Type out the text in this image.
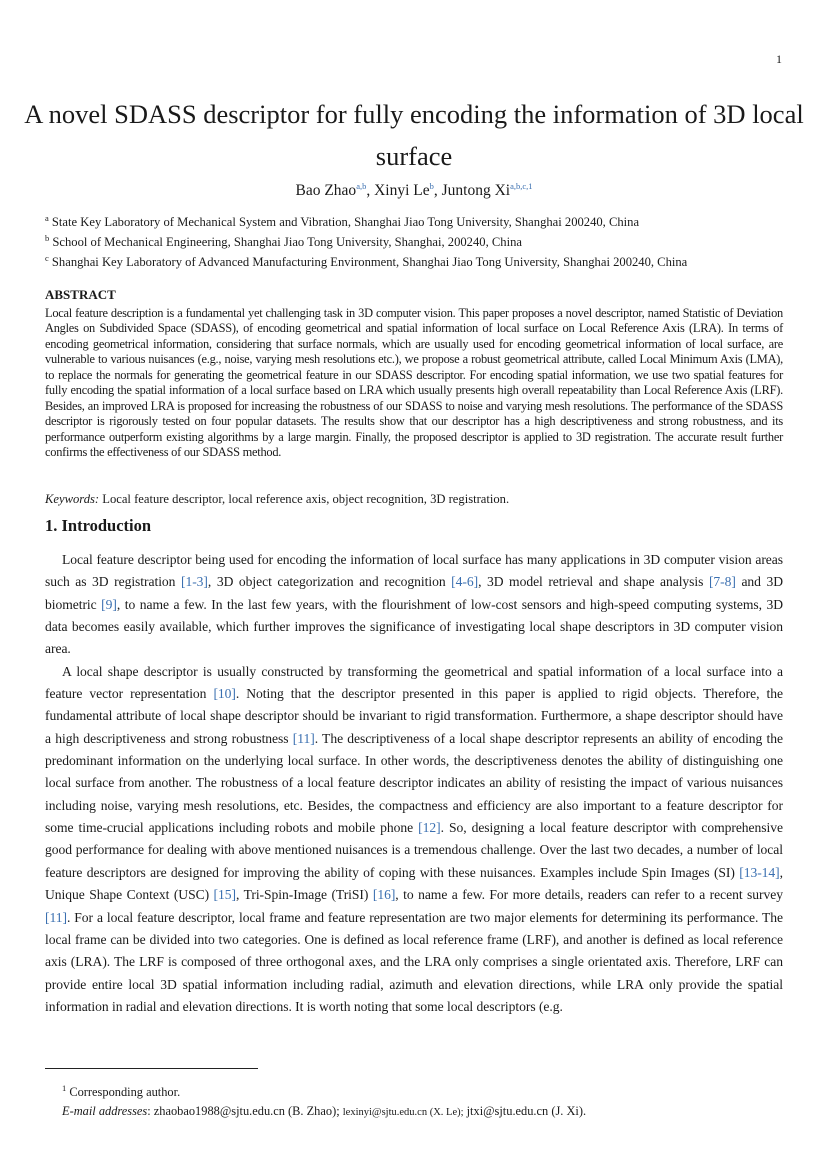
1
A novel SDASS descriptor for fully encoding the information of 3D local surface
Bao Zhao$^{a,b}$, Xinyi Le$^b$, Juntong Xi$^{a,b,c,1}$
$^a$ State Key Laboratory of Mechanical System and Vibration, Shanghai Jiao Tong University, Shanghai 200240, China
$^b$ School of Mechanical Engineering, Shanghai Jiao Tong University, Shanghai, 200240, China
$^c$ Shanghai Key Laboratory of Advanced Manufacturing Environment, Shanghai Jiao Tong University, Shanghai 200240, China
ABSTRACT
Local feature description is a fundamental yet challenging task in 3D computer vision. This paper proposes a novel descriptor, named Statistic of Deviation Angles on Subdivided Space (SDASS), of encoding geometrical and spatial information of local surface on Local Reference Axis (LRA). In terms of encoding geometrical information, considering that surface normals, which are usually used for encoding geometrical information of local surface, are vulnerable to various nuisances (e.g., noise, varying mesh resolutions etc.), we propose a robust geometrical attribute, called Local Minimum Axis (LMA), to replace the normals for generating the geometrical feature in our SDASS descriptor. For encoding spatial information, we use two spatial features for fully encoding the spatial information of a local surface based on LRA which usually presents high overall repeatability than Local Reference Axis (LRF). Besides, an improved LRA is proposed for increasing the robustness of our SDASS to noise and varying mesh resolutions. The performance of the SDASS descriptor is rigorously tested on four popular datasets. The results show that our descriptor has a high descriptiveness and strong robustness, and its performance outperform existing algorithms by a large margin. Finally, the proposed descriptor is applied to 3D registration. The accurate result further confirms the effectiveness of our SDASS method.
Keywords: Local feature descriptor, local reference axis, object recognition, 3D registration.
1. Introduction

Local feature descriptor being used for encoding the information of local surface has many applications in 3D computer vision areas such as 3D registration [1-3], 3D object categorization and recognition [4-6], 3D model retrieval and shape analysis [7-8] and 3D biometric [9], to name a few. In the last few years, with the flourishment of low-cost sensors and high-speed computing systems, 3D data becomes easily available, which further improves the significance of investigating local shape descriptors in 3D computer vision area.

A local shape descriptor is usually constructed by transforming the geometrical and spatial information of a local surface into a feature vector representation [10]. Noting that the descriptor presented in this paper is applied to rigid objects. Therefore, the fundamental attribute of local shape descriptor should be invariant to rigid transformation. Furthermore, a shape descriptor should have a high descriptiveness and strong robustness [11]. The descriptiveness of a local shape descriptor represents an ability of encoding the predominant information on the underlying local surface. In other words, the descriptiveness denotes the ability of distinguishing one local surface from another. The robustness of a local feature descriptor indicates an ability of resisting the impact of various nuisances including noise, varying mesh resolutions, etc. Besides, the compactness and efficiency are also important to a feature descriptor for some time-crucial applications including robots and mobile phone [12]. So, designing a local feature descriptor with comprehensive good performance for dealing with above mentioned nuisances is a tremendous challenge. Over the last two decades, a number of local feature descriptors are designed for improving the ability of coping with these nuisances. Examples include Spin Images (SI) [13-14], Unique Shape Context (USC) [15], Tri-Spin-Image (TriSI) [16], to name a few. For more details, readers can refer to a recent survey [11]. For a local feature descriptor, local frame and feature representation are two major elements for determining its performance. The local frame can be divided into two categories. One is defined as local reference frame (LRF), and another is defined as local reference axis (LRA). The LRF is composed of three orthogonal axes, and the LRA only comprises a single orientated axis. Therefore, LRF can provide entire local 3D spatial information including radial, azimuth and elevation directions, while LRA only provide the spatial information in radial and elevation directions. It is worth noting that some local descriptors (e.g.

$^1$ Corresponding author.
E-mail addresses: zhaobao1988@sjtu.edu.cn (B. Zhao); lexinyi@sjtu.edu.cn (X. Le); jtxi@sjtu.edu.cn (J. Xi).
